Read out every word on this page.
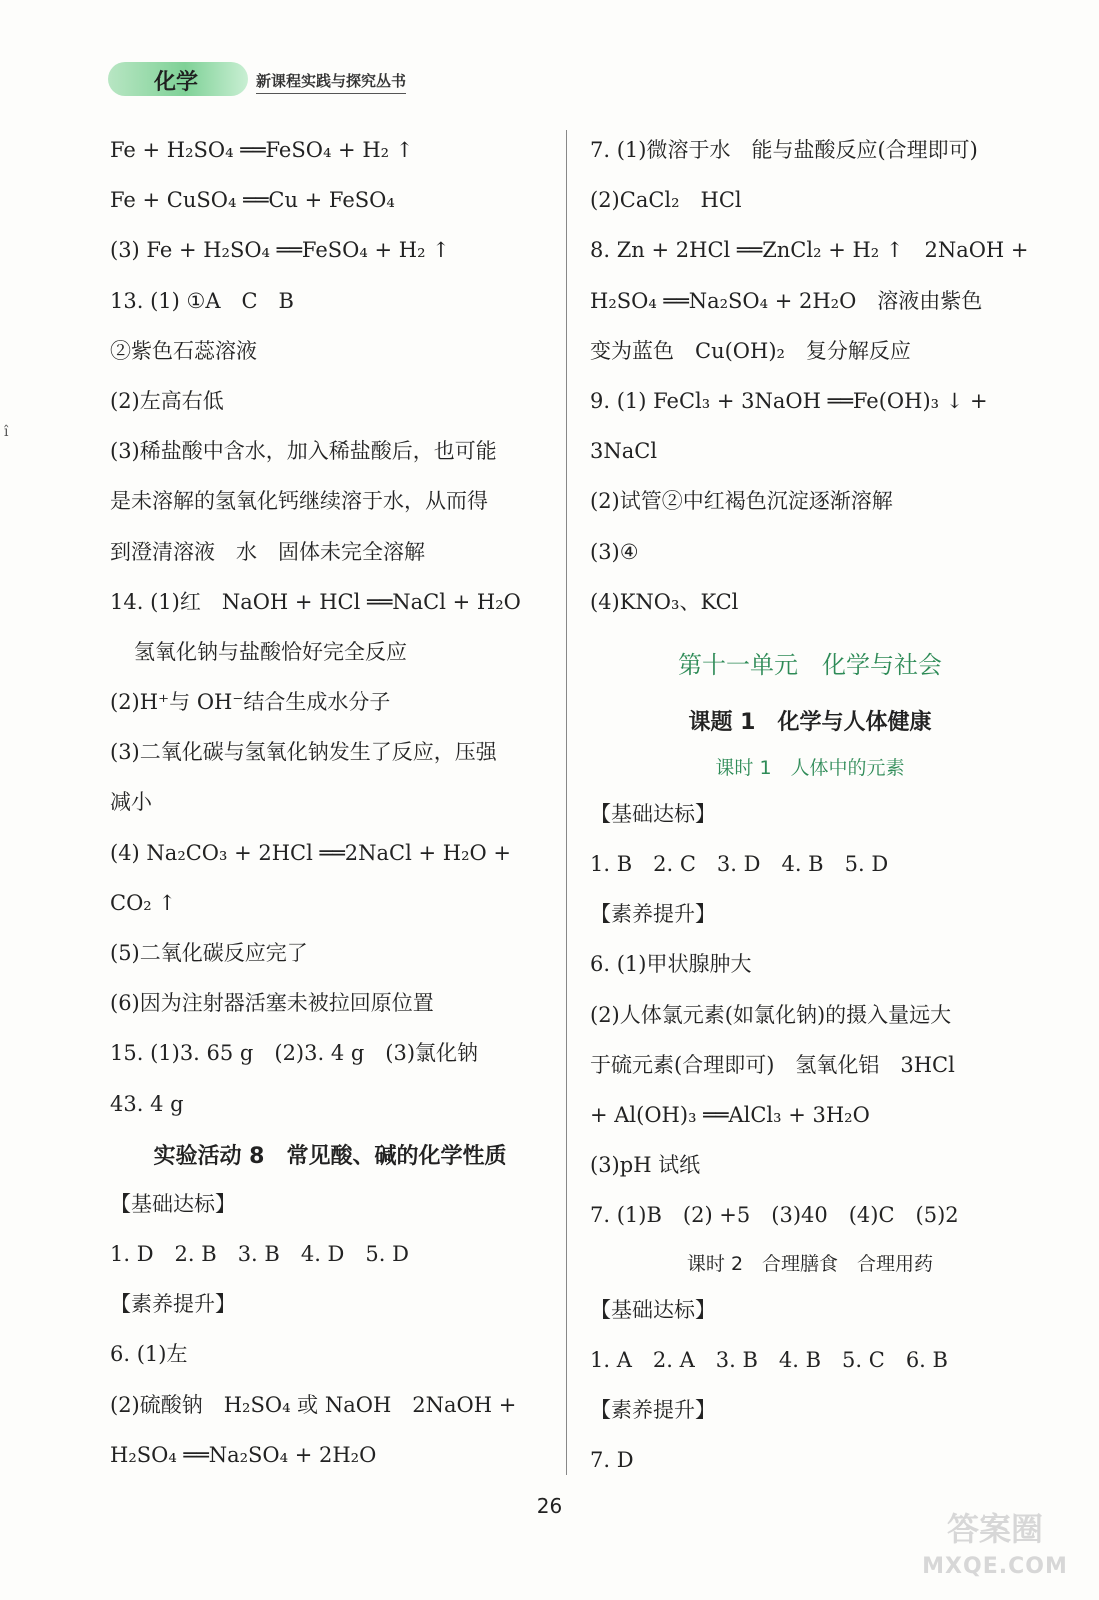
化学	新课程实践与探究丛书
î
Fe + H₂SO₄ ══FeSO₄ + H₂ ↑
Fe + CuSO₄ ══Cu + FeSO₄
(3) Fe + H₂SO₄ ══FeSO₄ + H₂ ↑
13. (1) ①A　C　B
②紫色石蕊溶液
(2)左高右低
(3)稀盐酸中含水，加入稀盐酸后，也可能
是未溶解的氢氧化钙继续溶于水，从而得
到澄清溶液　水　固体未完全溶解
14. (1)红　NaOH + HCl ══NaCl + H₂O
氢氧化钠与盐酸恰好完全反应
(2)H⁺与 OH⁻结合生成水分子
(3)二氧化碳与氢氧化钠发生了反应，压强
减小
(4) Na₂CO₃ + 2HCl ══2NaCl + H₂O +
CO₂ ↑
(5)二氧化碳反应完了
(6)因为注射器活塞未被拉回原位置
15. (1)3. 65 g　(2)3. 4 g　(3)氯化钠
43. 4 g
实验活动 8　常见酸、碱的化学性质
【基础达标】
1. D　2. B　3. B　4. D　5. D
【素养提升】
6. (1)左
(2)硫酸钠　H₂SO₄ 或 NaOH　2NaOH +
H₂SO₄ ══Na₂SO₄ + 2H₂O
7. (1)微溶于水　能与盐酸反应(合理即可)
(2)CaCl₂　HCl
8. Zn + 2HCl ══ZnCl₂ + H₂ ↑　2NaOH +
H₂SO₄ ══Na₂SO₄ + 2H₂O　溶液由紫色
变为蓝色　Cu(OH)₂　复分解反应
9. (1) FeCl₃ + 3NaOH ══Fe(OH)₃ ↓ +
3NaCl
(2)试管②中红褐色沉淀逐渐溶解
(3)④
(4)KNO₃、KCl
第十一单元　化学与社会
课题 1　化学与人体健康
课时 1　人体中的元素
【基础达标】
1. B　2. C　3. D　4. B　5. D
【素养提升】
6. (1)甲状腺肿大
(2)人体氯元素(如氯化钠)的摄入量远大
于硫元素(合理即可)　氢氧化铝　3HCl
+ Al(OH)₃ ══AlCl₃ + 3H₂O
(3)pH 试纸
7. (1)B　(2) +5　(3)40　(4)C　(5)2
课时 2　合理膳食　合理用药
【基础达标】
1. A　2. A　3. B　4. B　5. C　6. B
【素养提升】
7. D
26
答案圈
MXQE.COM
